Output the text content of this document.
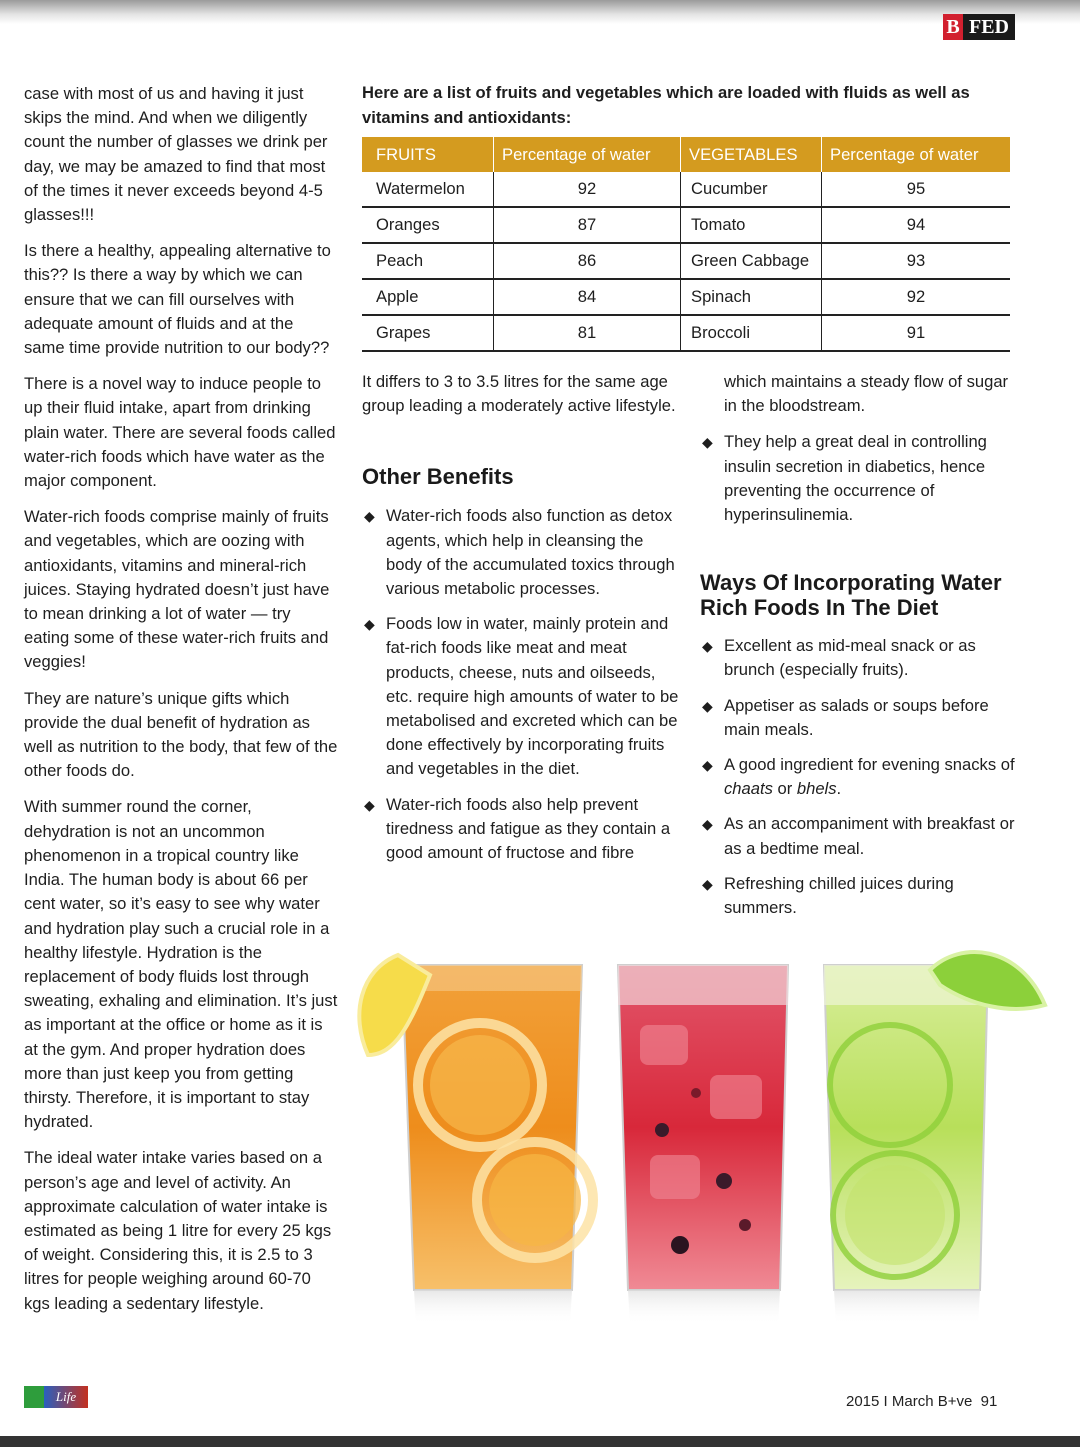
B FED

case with most of us and having it just skips the mind. And when we diligently count the number of glasses we drink per day, we may be amazed to find that most of the times it never exceeds beyond 4-5 glasses!!!

Is there a healthy, appealing alternative to this?? Is there a way by which we can ensure that we can fill ourselves with adequate amount of fluids and at the same time provide nutrition to our body??

There is a novel way to induce people to up their fluid intake, apart from drinking plain water. There are several foods called water-rich foods which have water as the major component.

Water-rich foods comprise mainly of fruits and vegetables, which are oozing with antioxidants, vitamins and mineral-rich juices. Staying hydrated doesn’t just have to mean drinking a lot of water — try eating some of these water-rich fruits and veggies!

They are nature’s unique gifts which provide the dual benefit of hydration as well as nutrition to the body, that few of the other foods do.

With summer round the corner, dehydration is not an uncommon phenomenon in a tropical country like India. The human body is about 66 per cent water, so it’s easy to see why water and hydration play such a crucial role in a healthy lifestyle. Hydration is the replacement of body fluids lost through sweating, exhaling and elimination. It’s just as important at the office or home as it is at the gym. And proper hydration does more than just keep you from getting thirsty. Therefore, it is important to stay hydrated.

The ideal water intake varies based on a person’s age and level of activity. An approximate calculation of water intake is estimated as being 1 litre for every 25 kgs of weight. Considering this, it is 2.5 to 3 litres for people weighing around 60-70 kgs leading a sedentary lifestyle.

Here are a list of fruits and vegetables which are loaded with fluids as well as vitamins and antioxidants:

FRUITS	Percentage of water	VEGETABLES	Percentage of water
Watermelon	92	Cucumber	95
Oranges	87	Tomato	94
Peach	86	Green Cabbage	93
Apple	84	Spinach	92
Grapes	81	Broccoli	91

It differs to 3 to 3.5 litres for the same age group leading a moderately active lifestyle.

Other Benefits
◆ Water-rich foods also function as detox agents, which help in cleansing the body of the accumulated toxics through various metabolic processes.
◆ Foods low in water, mainly protein and fat-rich foods like meat and meat products, cheese, nuts and oilseeds, etc. require high amounts of water to be metabolised and excreted which can be done effectively by incorporating fruits and vegetables in the diet.
◆ Water-rich foods also help prevent tiredness and fatigue as they contain a good amount of fructose and fibre

which maintains a steady flow of sugar in the bloodstream.

◆ They help a great deal in controlling insulin secretion in diabetics, hence preventing the occurrence of hyperinsulinemia.
Ways Of Incorporating Water Rich Foods In The Diet
◆ Excellent as mid-meal snack or as brunch (especially fruits).
◆ Appetiser as salads or soups before main meals.
◆ A good ingredient for evening snacks of chaats or bhels.
◆ As an accompaniment with breakfast or as a bedtime meal.
◆ Refreshing chilled juices during summers.
Life	2015 I March B+ve 91
